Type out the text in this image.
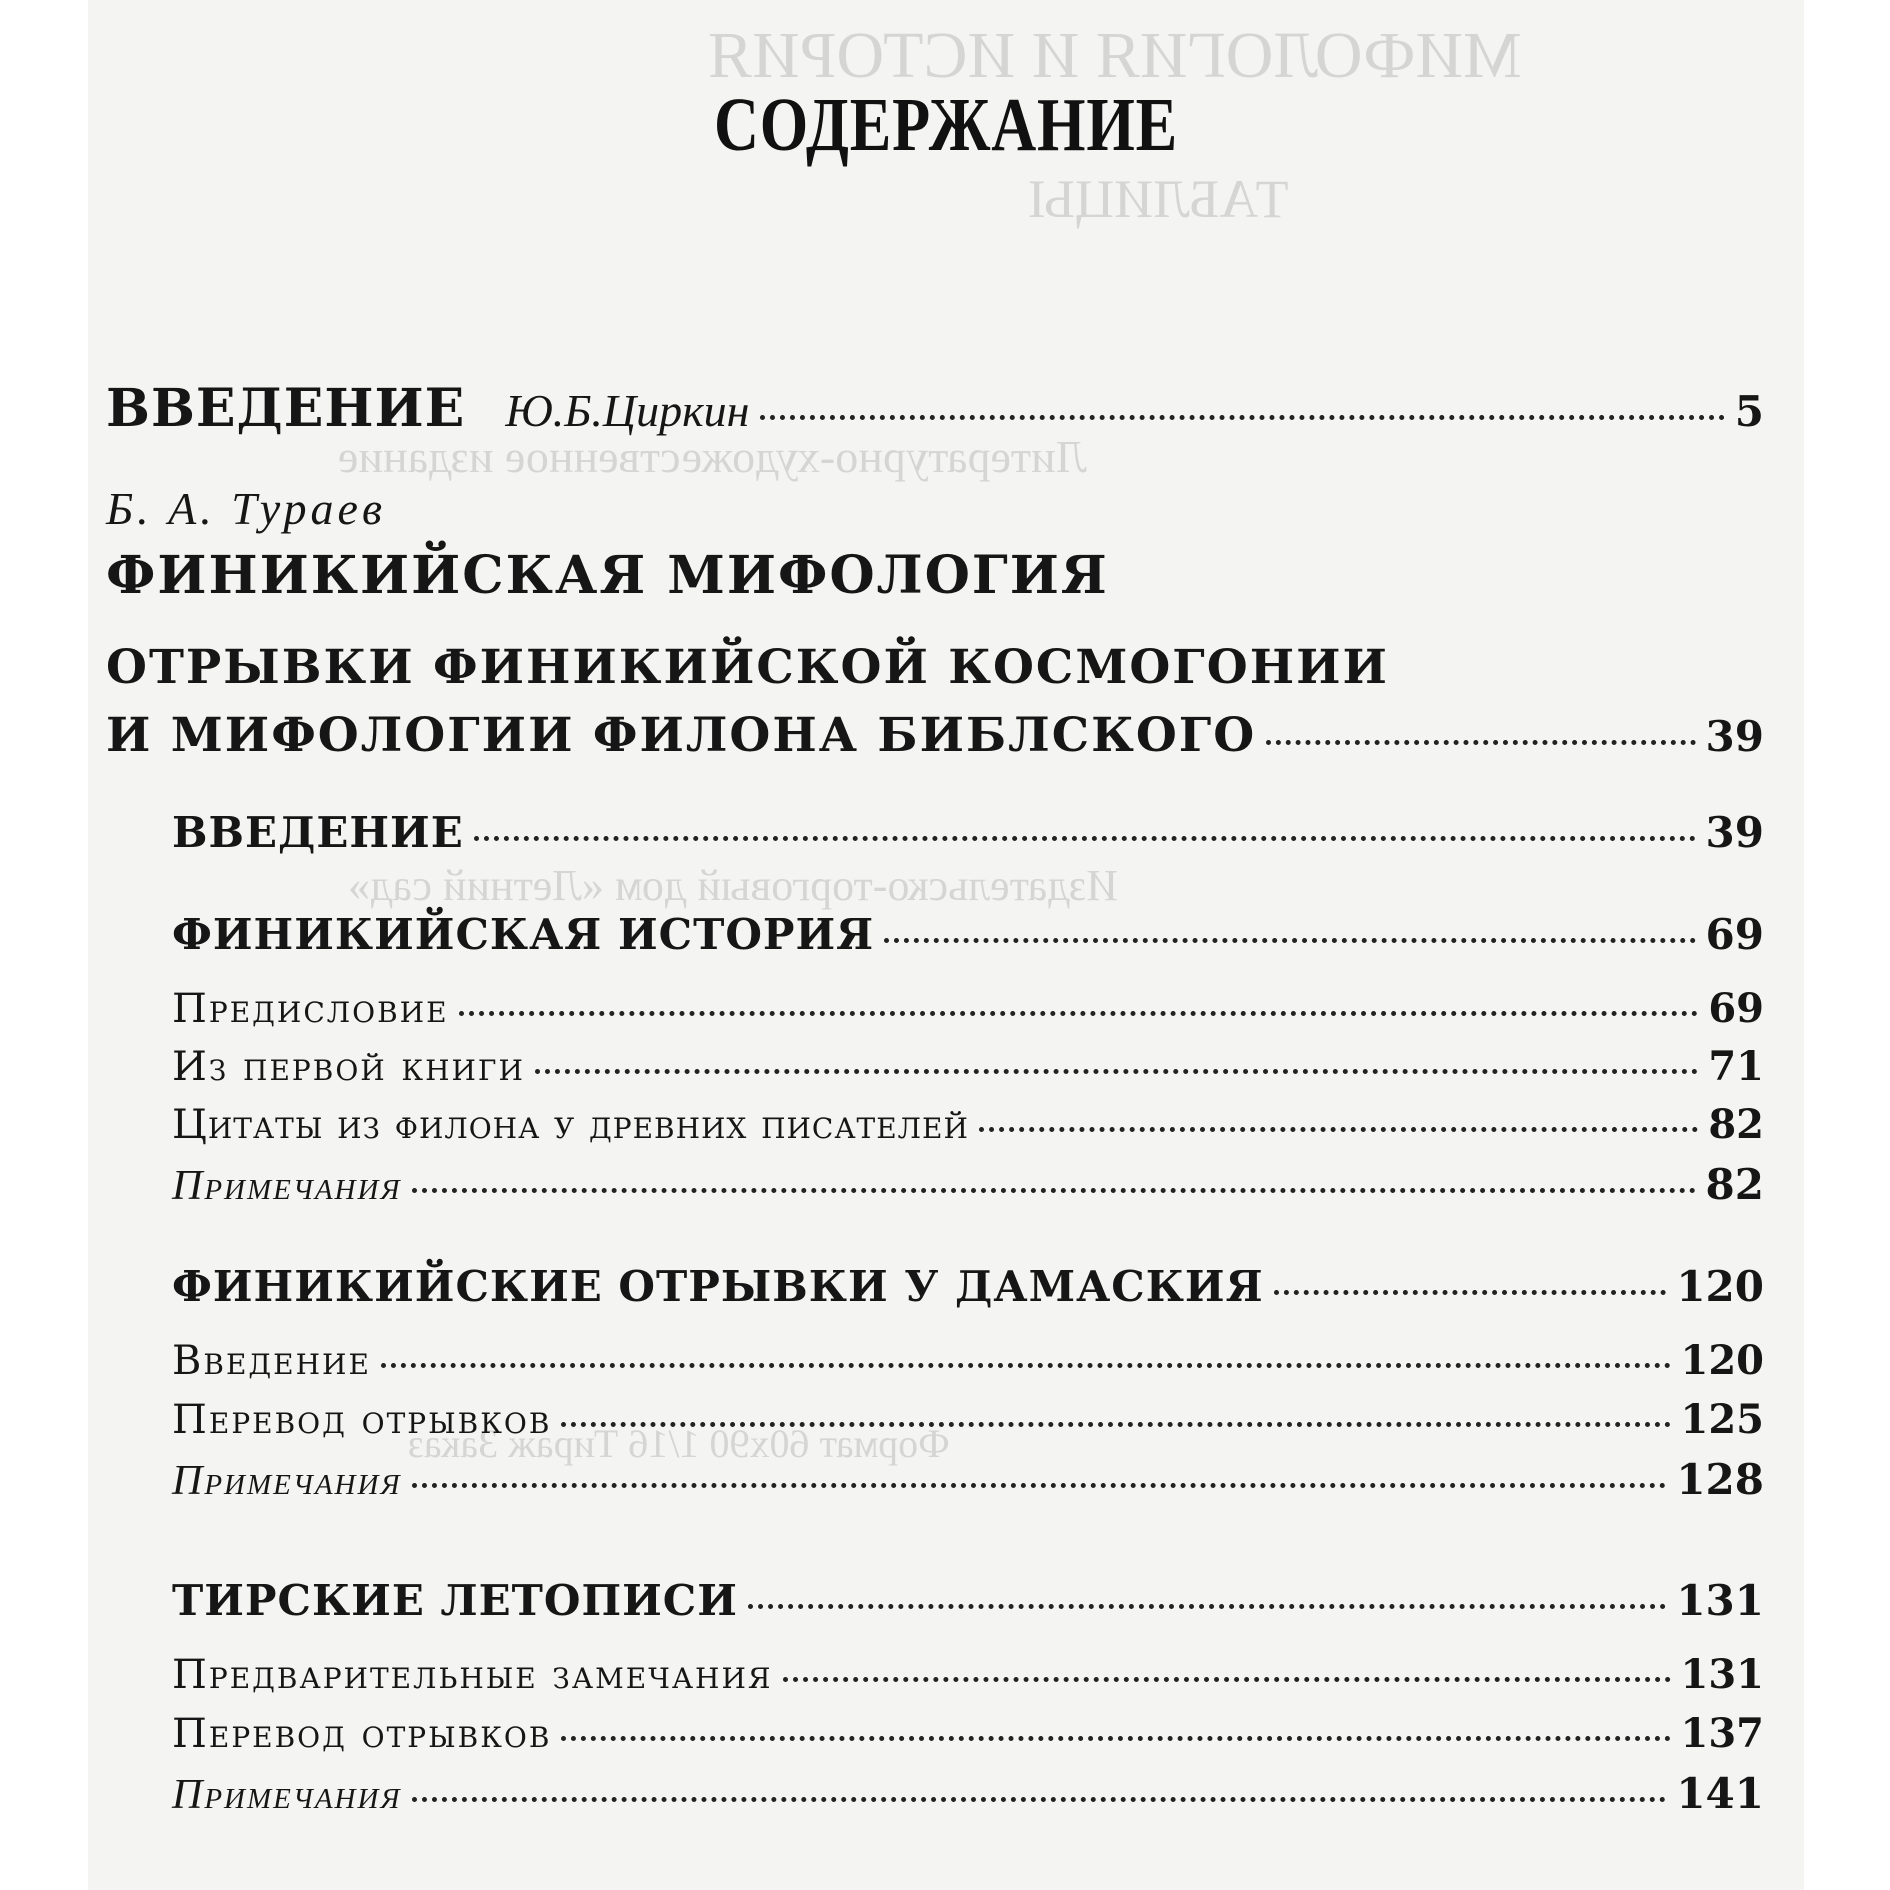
МИФОЛОГИЯ И ИСТОРИЯ
ТАБЛИЦЫ
Литературно-художественное издание
Издательско-торговый дом «Летний сад»
Формат 60х90 1/16 Тираж Заказ
СОДЕРЖАНИЕ
ВВЕДЕНИЕ Ю.Б.Циркин	5
Б. А. Тураев
ФИНИКИЙСКАЯ МИФОЛОГИЯ
ОТРЫВКИ ФИНИКИЙСКОЙ КОСМОГОНИИ
И МИФОЛОГИИ ФИЛОНА БИБЛСКОГО	39
ВВЕДЕНИЕ	39
ФИНИКИЙСКАЯ ИСТОРИЯ	69
Предисловие	69
Из первой книги	71
Цитаты из филона у древних писателей	82
Примечания	82
ФИНИКИЙСКИЕ ОТРЫВКИ У ДАМАСКИЯ	120
Введение	120
Перевод отрывков	125
Примечания	128
ТИРСКИЕ ЛЕТОПИСИ	131
Предварительные замечания	131
Перевод отрывков	137
Примечания	141
